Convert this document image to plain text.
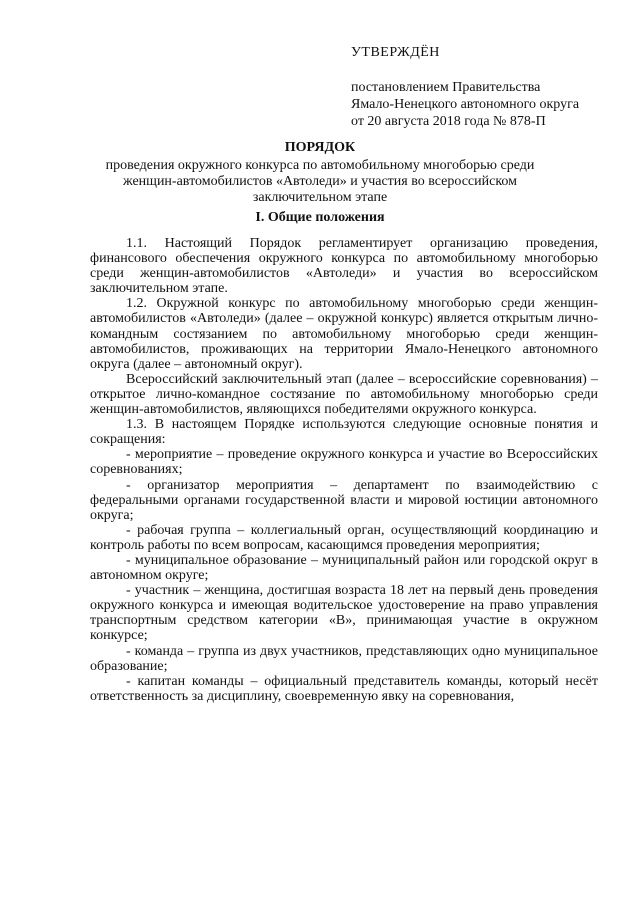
УТВЕРЖДЁН
постановлением Правительства
Ямало-Ненецкого автономного округа
от 20 августа 2018 года № 878-П
ПОРЯДОК
проведения окружного конкурса по автомобильному многоборью среди
женщин-автомобилистов «Автоледи» и участия во всероссийском
заключительном этапе
I. Общие положения

1.1. Настоящий Порядок регламентирует организацию проведения, финансового обеспечения окружного конкурса по автомобильному многоборью среди женщин-автомобилистов «Автоледи» и участия во всероссийском заключительном этапе.

1.2. Окружной конкурс по автомобильному многоборью среди женщин-автомобилистов «Автоледи» (далее – окружной конкурс) является открытым лично-командным состязанием по автомобильному многоборью среди женщин-автомобилистов, проживающих на территории Ямало-Ненецкого автономного округа (далее – автономный округ).

Всероссийский заключительный этап (далее – всероссийские соревнования) – открытое лично-командное состязание по автомобильному многоборью среди женщин-автомобилистов, являющихся победителями окружного конкурса.

1.3. В настоящем Порядке используются следующие основные понятия и сокращения:

- мероприятие – проведение окружного конкурса и участие во Всероссийских соревнованиях;

- организатор мероприятия – департамент по взаимодействию с федеральными органами государственной власти и мировой юстиции автономного округа;

- рабочая группа – коллегиальный орган, осуществляющий координацию и контроль работы по всем вопросам, касающимся проведения мероприятия;

- муниципальное образование – муниципальный район или городской округ в автономном округе;

- участник – женщина, достигшая возраста 18 лет на первый день проведения окружного конкурса и имеющая водительское удостоверение на право управления транспортным средством категории «В», принимающая участие в окружном конкурсе;

- команда – группа из двух участников, представляющих одно муниципальное образование;

- капитан команды – официальный представитель команды, который несёт ответственность за дисциплину, своевременную явку на соревнования,
